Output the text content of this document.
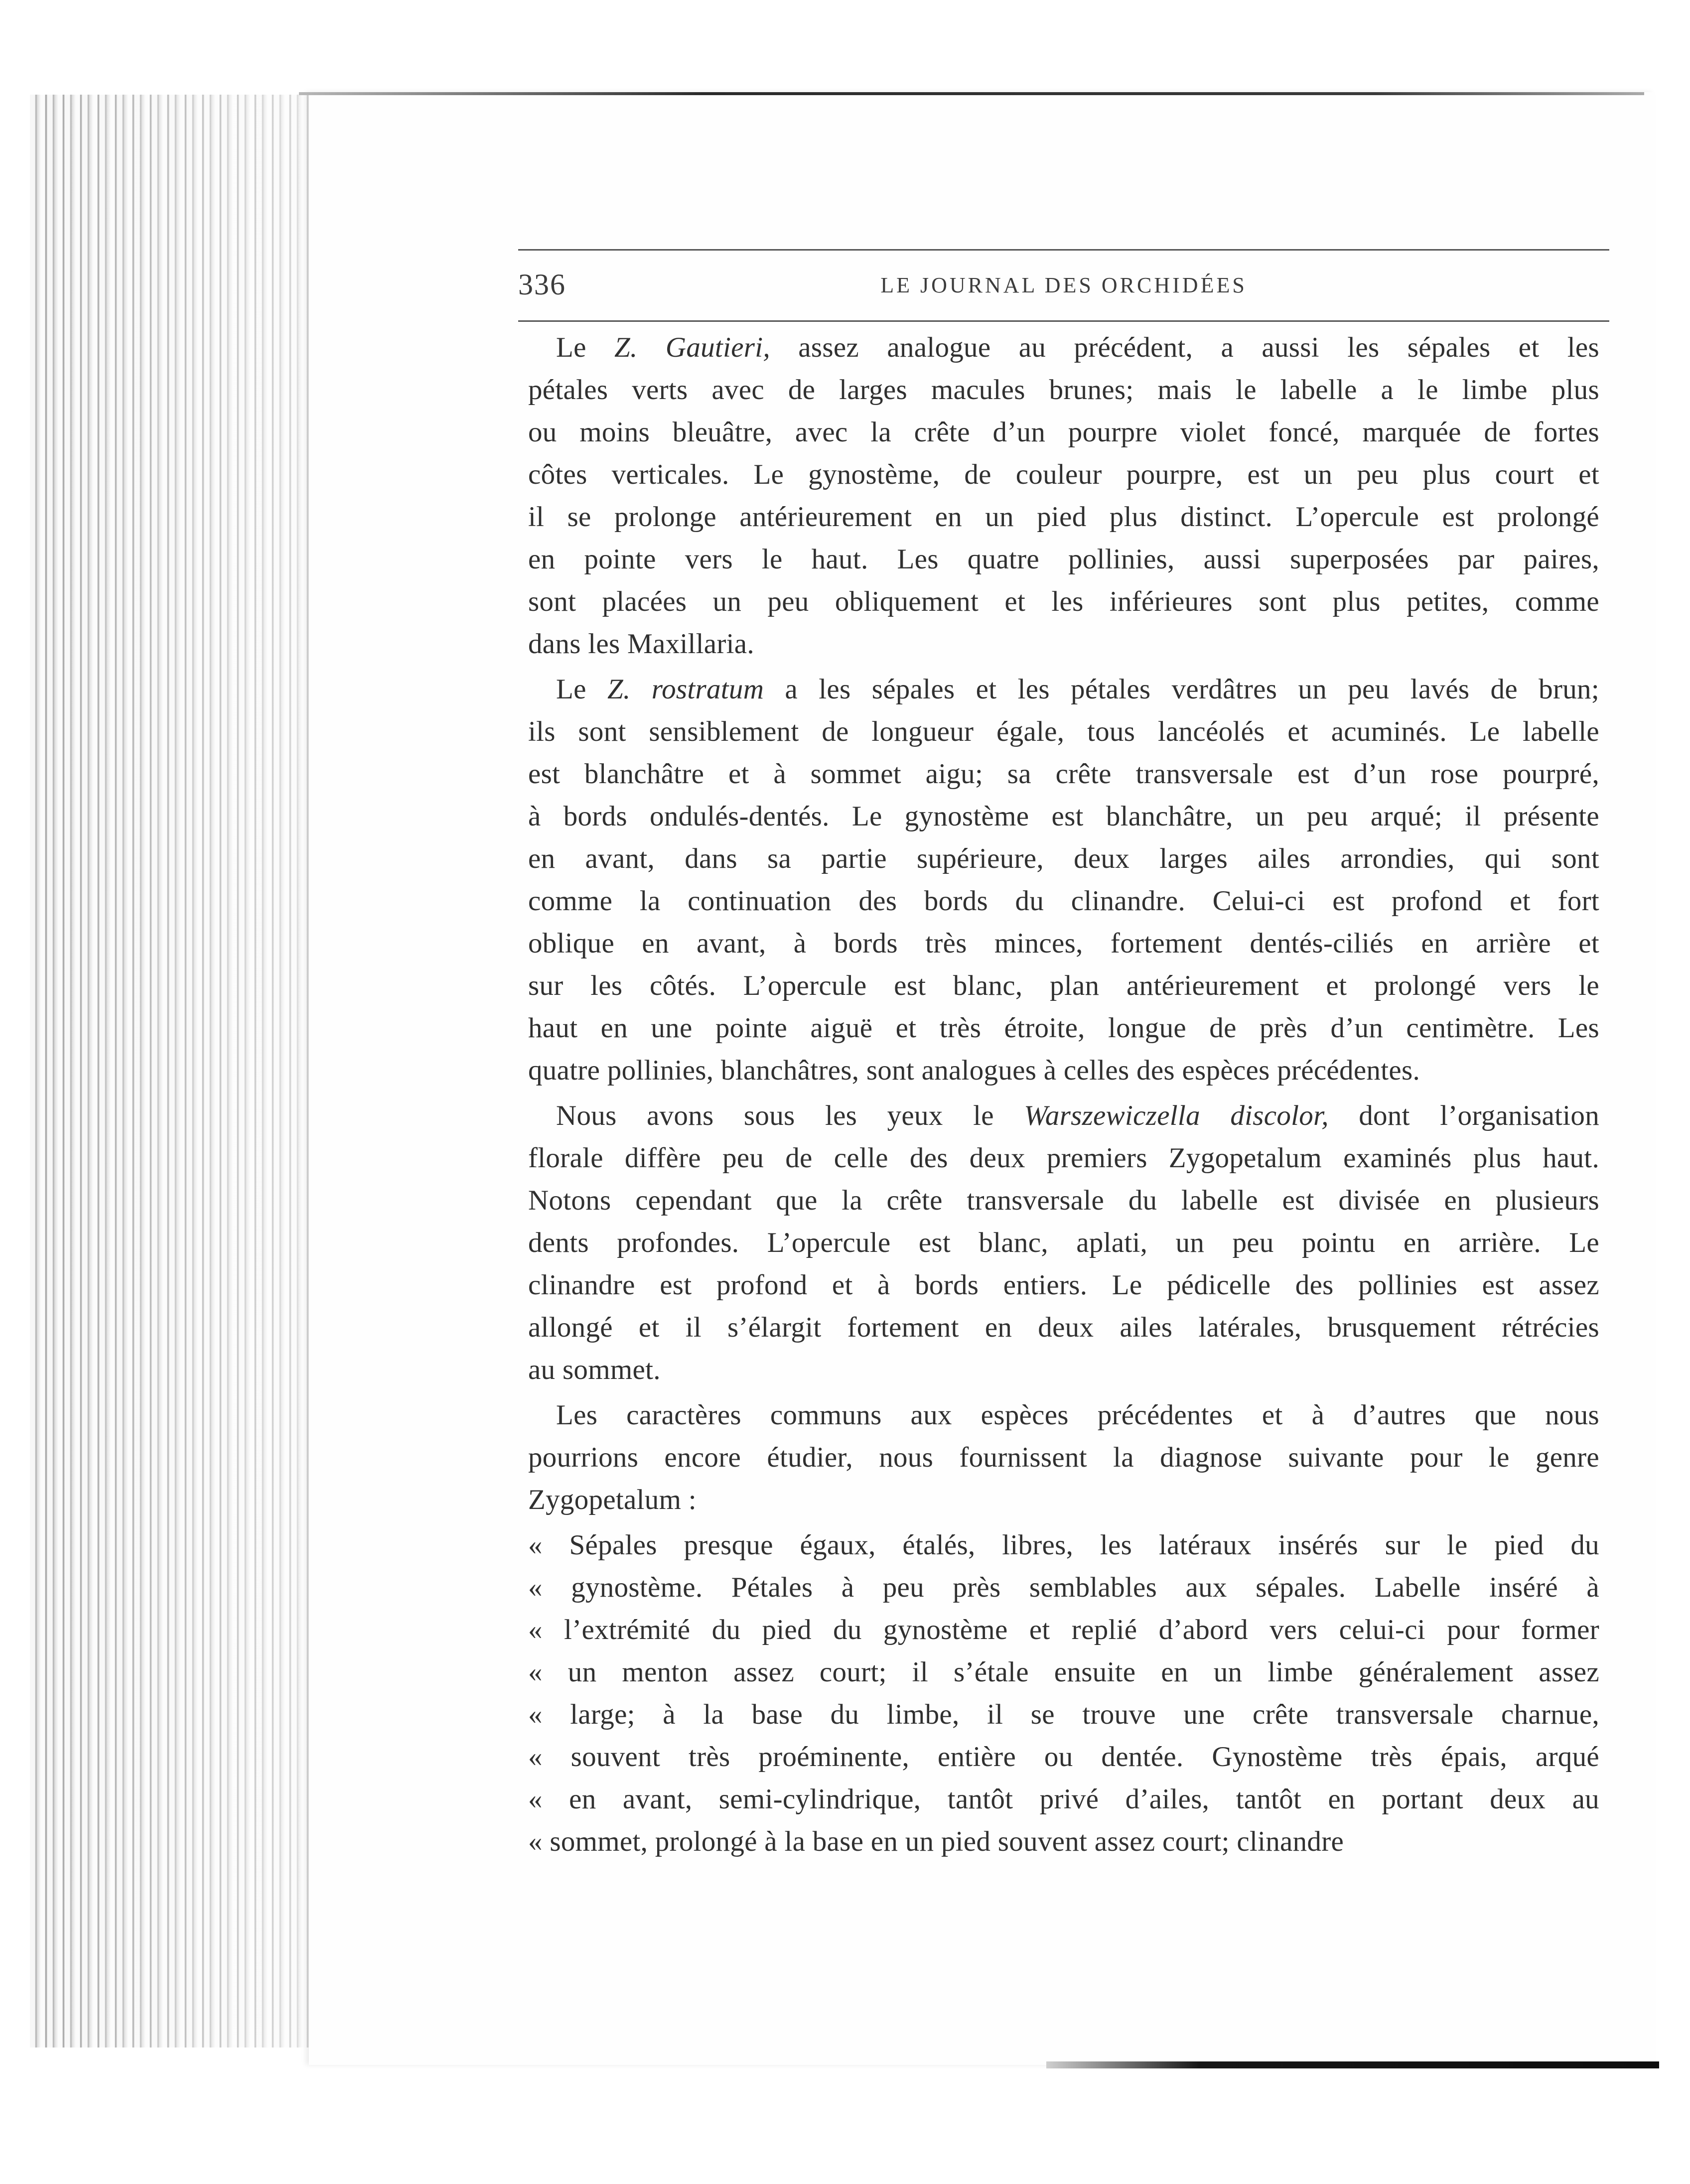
336	LE JOURNAL DES ORCHIDÉES
Le Z. Gautieri, assez analogue au précédent, a aussi les sépales et les
pétales verts avec de larges macules brunes; mais le labelle a le limbe plus
ou moins bleuâtre, avec la crête d’un pourpre violet foncé, marquée de fortes
côtes verticales. Le gynostème, de couleur pourpre, est un peu plus court et
il se prolonge antérieurement en un pied plus distinct. L’opercule est prolongé
en pointe vers le haut. Les quatre pollinies, aussi superposées par paires,
sont placées un peu obliquement et les inférieures sont plus petites, comme
dans les Maxillaria.
Le Z. rostratum a les sépales et les pétales verdâtres un peu lavés de brun;
ils sont sensiblement de longueur égale, tous lancéolés et acuminés. Le labelle
est blanchâtre et à sommet aigu; sa crête transversale est d’un rose pourpré,
à bords ondulés-dentés. Le gynostème est blanchâtre, un peu arqué; il présente
en avant, dans sa partie supérieure, deux larges ailes arrondies, qui sont
comme la continuation des bords du clinandre. Celui-ci est profond et fort
oblique en avant, à bords très minces, fortement dentés-ciliés en arrière et
sur les côtés. L’opercule est blanc, plan antérieurement et prolongé vers le
haut en une pointe aiguë et très étroite, longue de près d’un centimètre. Les
quatre pollinies, blanchâtres, sont analogues à celles des espèces précédentes.
Nous avons sous les yeux le Warszewiczella discolor, dont l’organisation
florale diffère peu de celle des deux premiers Zygopetalum examinés plus haut.
Notons cependant que la crête transversale du labelle est divisée en plusieurs
dents profondes. L’opercule est blanc, aplati, un peu pointu en arrière. Le
clinandre est profond et à bords entiers. Le pédicelle des pollinies est assez
allongé et il s’élargit fortement en deux ailes latérales, brusquement rétrécies
au sommet.
Les caractères communs aux espèces précédentes et à d’autres que nous
pourrions encore étudier, nous fournissent la diagnose suivante pour le genre
Zygopetalum :
« Sépales presque égaux, étalés, libres, les latéraux insérés sur le pied du
« gynostème. Pétales à peu près semblables aux sépales. Labelle inséré à
« l’extrémité du pied du gynostème et replié d’abord vers celui-ci pour former
« un menton assez court; il s’étale ensuite en un limbe généralement assez
« large; à la base du limbe, il se trouve une crête transversale charnue,
« souvent très proéminente, entière ou dentée. Gynostème très épais, arqué
« en avant, semi-cylindrique, tantôt privé d’ailes, tantôt en portant deux au
« sommet, prolongé à la base en un pied souvent assez court; clinandre
